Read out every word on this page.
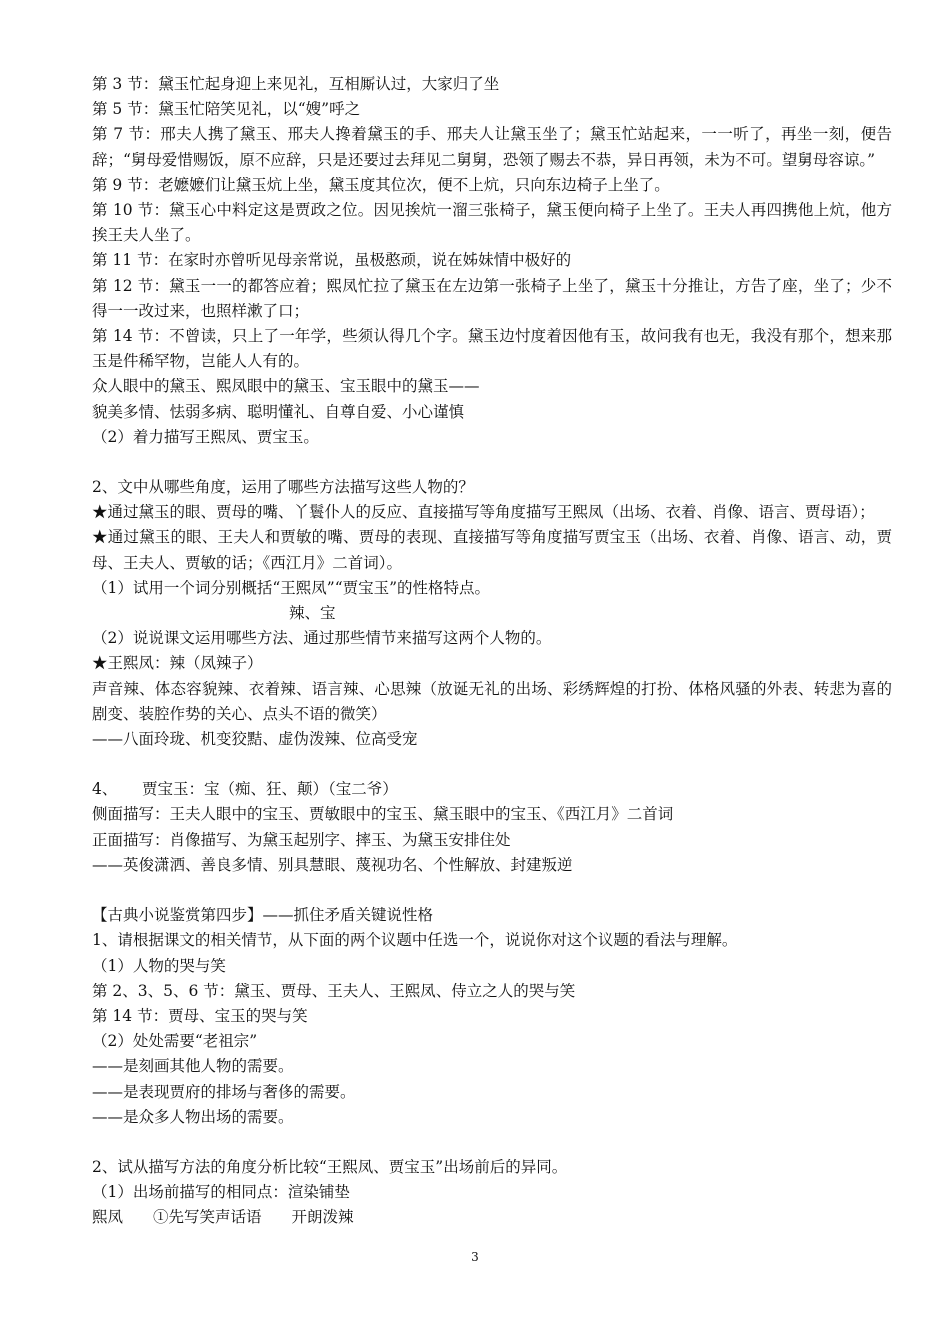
第 3 节：黛玉忙起身迎上来见礼，互相厮认过，大家归了坐

第 5 节：黛玉忙陪笑见礼，以“嫂”呼之

第 7 节：邢夫人携了黛玉、邢夫人搀着黛玉的手、邢夫人让黛玉坐了；黛玉忙站起来，一一听了，再坐一刻，便告辞；“舅母爱惜赐饭，原不应辞，只是还要过去拜见二舅舅，恐领了赐去不恭，异日再领，未为不可。望舅母容谅。”

第 9 节：老嬷嬷们让黛玉炕上坐，黛玉度其位次，便不上炕，只向东边椅子上坐了。

第 10 节：黛玉心中料定这是贾政之位。因见挨炕一溜三张椅子，黛玉便向椅子上坐了。王夫人再四携他上炕，他方挨王夫人坐了。

第 11 节：在家时亦曾听见母亲常说，虽极憨顽，说在姊妹情中极好的

第 12 节：黛玉一一的都答应着；熙凤忙拉了黛玉在左边第一张椅子上坐了，黛玉十分推让，方告了座，坐了；少不得一一改过来，也照样漱了口；

第 14 节：不曾读，只上了一年学，些须认得几个字。黛玉边忖度着因他有玉，故问我有也无，我没有那个，想来那玉是件稀罕物，岂能人人有的。

众人眼中的黛玉、熙凤眼中的黛玉、宝玉眼中的黛玉——

貌美多情、怯弱多病、聪明懂礼、自尊自爱、小心谨慎

（2）着力描写王熙凤、贾宝玉。

2、文中从哪些角度，运用了哪些方法描写这些人物的？

★通过黛玉的眼、贾母的嘴、丫鬟仆人的反应、直接描写等角度描写王熙凤（出场、衣着、肖像、语言、贾母语）；

★通过黛玉的眼、王夫人和贾敏的嘴、贾母的表现、直接描写等角度描写贾宝玉（出场、衣着、肖像、语言、动，贾母、王夫人、贾敏的话；《西江月》二首词）。

（1）试用一个词分别概括“王熙凤”“贾宝玉”的性格特点。

辣、宝

（2）说说课文运用哪些方法、通过那些情节来描写这两个人物的。

★王熙凤：辣（凤辣子）

声音辣、体态容貌辣、衣着辣、语言辣、心思辣（放诞无礼的出场、彩绣辉煌的打扮、体格风骚的外表、转悲为喜的剧变、装腔作势的关心、点头不语的微笑）

——八面玲珑、机变狡黠、虚伪泼辣、位高受宠

4、 贾宝玉：宝（痴、狂、颠）（宝二爷）

侧面描写：王夫人眼中的宝玉、贾敏眼中的宝玉、黛玉眼中的宝玉、《西江月》二首词

正面描写：肖像描写、为黛玉起别字、摔玉、为黛玉安排住处

——英俊潇洒、善良多情、别具慧眼、蔑视功名、个性解放、封建叛逆

【古典小说鉴赏第四步】——抓住矛盾关键说性格

1、请根据课文的相关情节，从下面的两个议题中任选一个，说说你对这个议题的看法与理解。

（1）人物的哭与笑

第 2、3、5、6 节：黛玉、贾母、王夫人、王熙凤、侍立之人的哭与笑

第 14 节：贾母、宝玉的哭与笑

（2）处处需要“老祖宗”

——是刻画其他人物的需要。

——是表现贾府的排场与奢侈的需要。

——是众多人物出场的需要。

2、试从描写方法的角度分析比较“王熙凤、贾宝玉”出场前后的异同。

（1）出场前描写的相同点：渲染铺垫

熙凤 ①先写笑声话语 开朗泼辣

3
